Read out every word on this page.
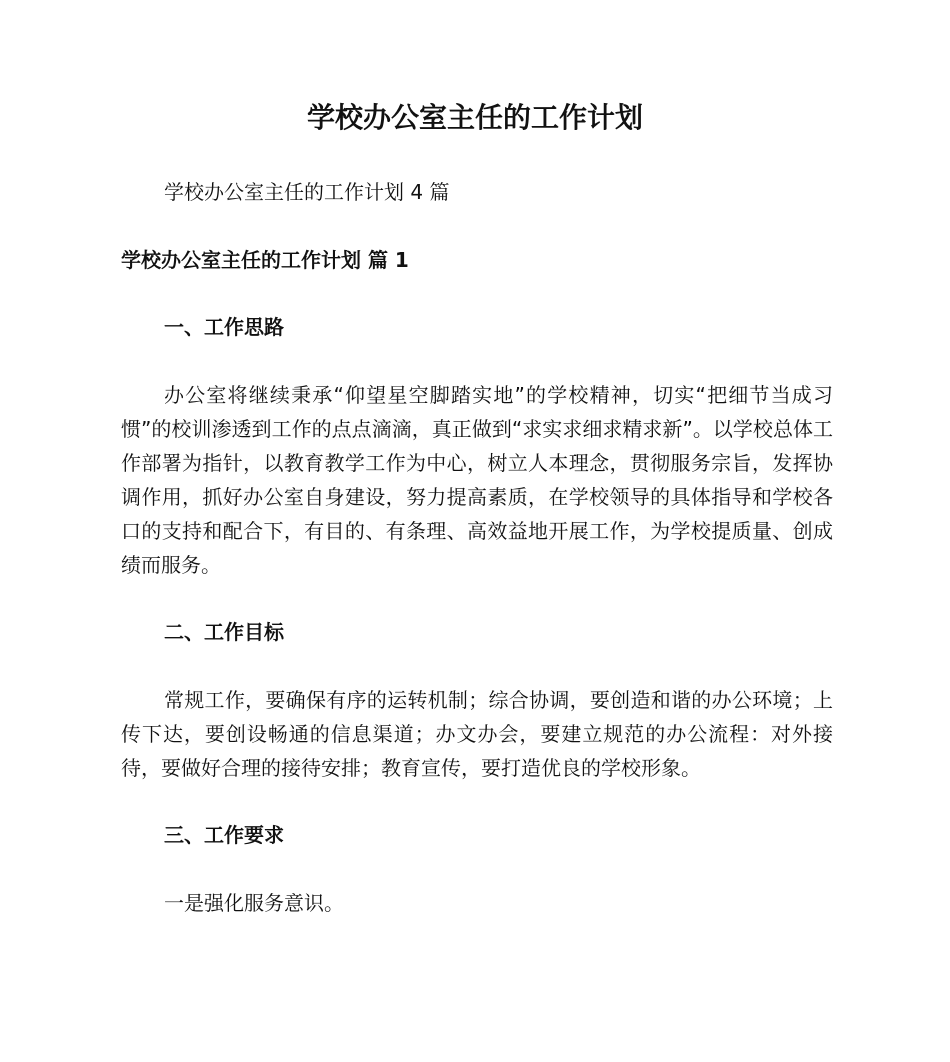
学校办公室主任的工作计划

学校办公室主任的工作计划 4 篇

学校办公室主任的工作计划 篇 1
一、工作思路

办公室将继续秉承“仰望星空脚踏实地”的学校精神，切实“把细节当成习惯”的校训渗透到工作的点点滴滴，真正做到“求实求细求精求新”。以学校总体工作部署为指针，以教育教学工作为中心，树立人本理念，贯彻服务宗旨，发挥协调作用，抓好办公室自身建设，努力提高素质，在学校领导的具体指导和学校各口的支持和配合下，有目的、有条理、高效益地开展工作，为学校提质量、创成绩而服务。

二、工作目标

常规工作，要确保有序的运转机制；综合协调，要创造和谐的办公环境；上传下达，要创设畅通的信息渠道；办文办会，要建立规范的办公流程：对外接待，要做好合理的接待安排；教育宣传，要打造优良的学校形象。

三、工作要求

一是强化服务意识。
